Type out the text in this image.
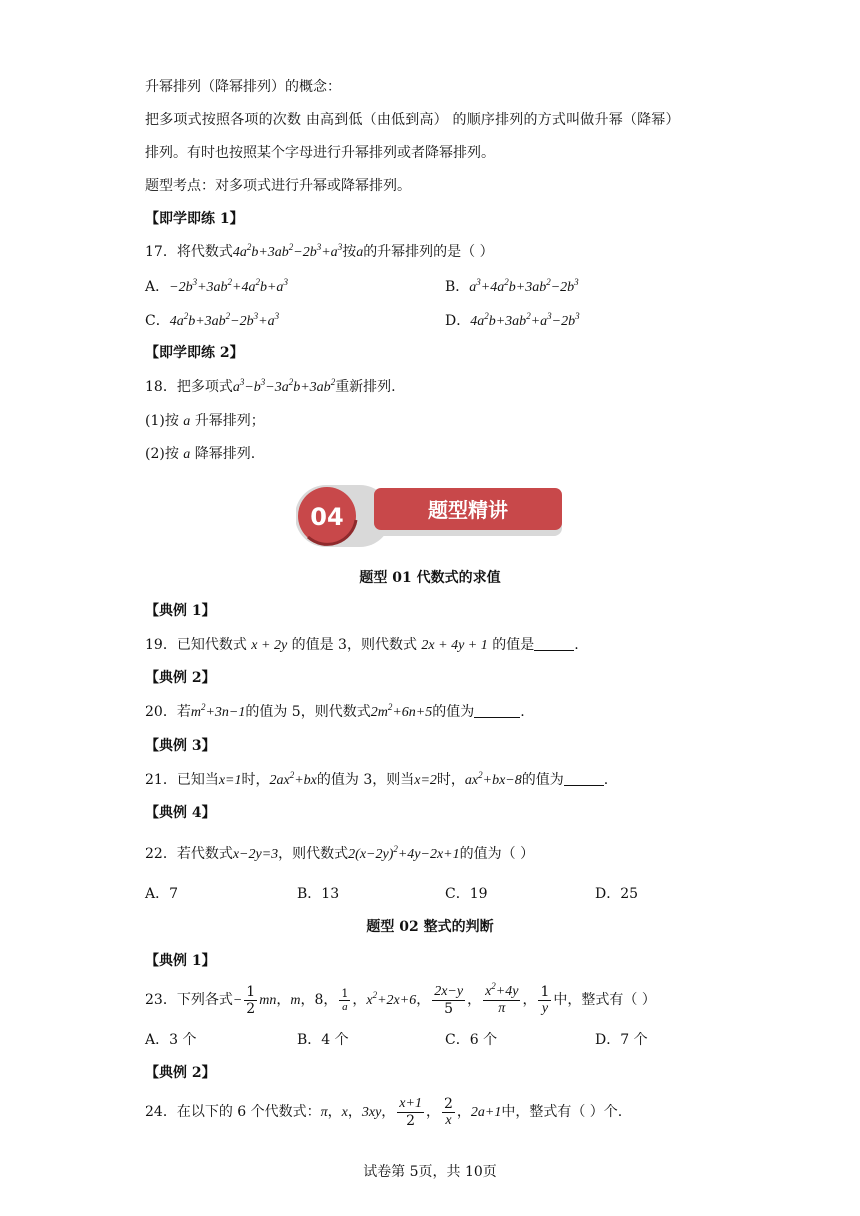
升幂排列（降幂排列）的概念：
把多项式按照各项的次数 由高到低（由低到高） 的顺序排列的方式叫做升幂（降幂）
排列。有时也按照某个字母进行升幂排列或者降幂排列。
题型考点：对多项式进行升幂或降幂排列。
【即学即练 1】
17．将代数式$4a^2b+3ab^2-2b^3+a^3$按a的升幂排列的是（ ）
A．$-2b^3+3ab^2+4a^2b+a^3$	B．$a^3+4a^2b+3ab^2-2b^3$
C．$4a^2b+3ab^2-2b^3+a^3$	D．$4a^2b+3ab^2+a^3-2b^3$
【即学即练 2】
18．把多项式$a^3-b^3-3a^2b+3ab^2$重新排列.
(1)按 a 升幂排列；
(2)按 a 降幂排列.
04	题型精讲
题型 01 代数式的求值
【典例 1】
19．已知代数式 x + 2y 的值是 3，则代数式 2x + 4y + 1 的值是	.
【典例 2】
20．若$m^2+3n-1$的值为 5，则代数式$2m^2+6n+5$的值为	.
【典例 3】
21．已知当x=1时，$2ax^2+bx$的值为 3，则当x=2时，$ax^2+bx-8$的值为	.
【典例 4】
22．若代数式x−2y=3，则代数式$2(x-2y)^2+4y-2x+1$的值为（ ）
A．7	B．13	C．19	D．25
题型 02 整式的判断
【典例 1】
23．下列各式− $\frac{1}{2}$ mn，m，8， $\frac{1}{a}$ ，$x^2+2x+6$， $\frac{2x-y}{5}$ ， $\frac{x^2+4y}{\pi}$ ， $\frac{1}{y}$ 中，整式有（ ）
A．3 个	B．4 个	C．6 个	D．7 个
【典例 2】
24．在以下的 6 个代数式：π，x，3xy， $\frac{x+1}{2}$ ， $\frac{2}{x}$ ，2a+1中，整式有（ ）个.
试卷第 5页，共 10页
